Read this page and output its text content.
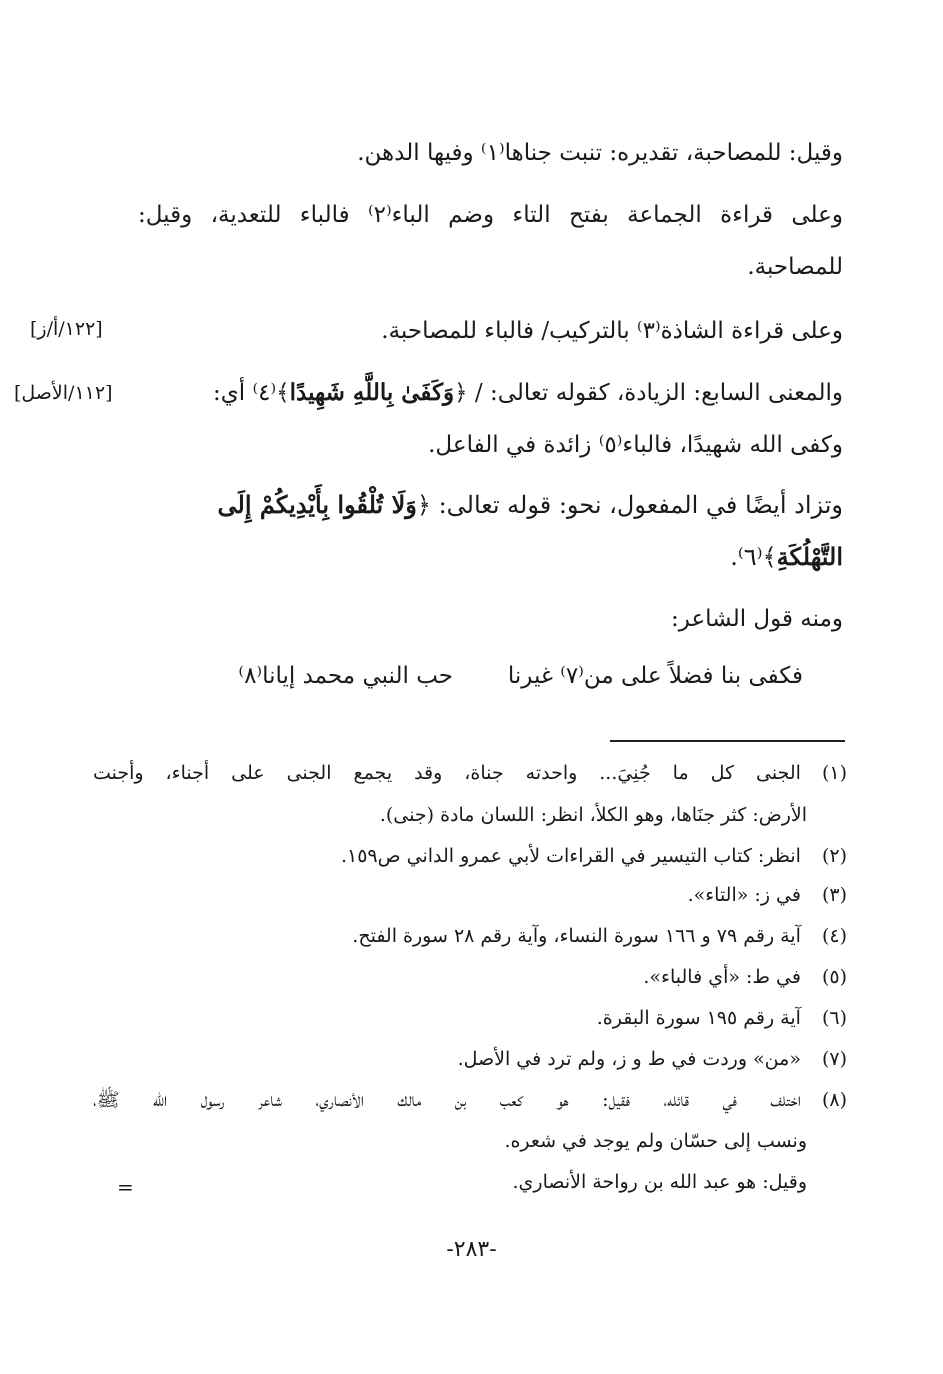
وقيل: للمصاحبة، تقديره: تنبت جناها⁽١⁾ وفيها الدهن.
وعلى قراءة الجماعة بفتح التاء وضم الباء⁽٢⁾ فالباء للتعدية، وقيل:
للمصاحبة.
وعلى قراءة الشاذة⁽٣⁾ بالتركيب/ فالباء للمصاحبة.
[١٢٢/أ/ز]
والمعنى السابع: الزيادة، كقوله تعالى: / ﴿وَكَفَىٰ بِاللَّهِ شَهِيدًا﴾⁽٤⁾ أي:
[١١٢/الأصل]
وكفى الله شهيدًا، فالباء⁽٥⁾ زائدة في الفاعل.
وتزاد أيضًا في المفعول، نحو: قوله تعالى: ﴿وَلَا تُلْقُوا بِأَيْدِيكُمْ إِلَى
التَّهْلُكَةِ﴾⁽٦⁾.
ومنه قول الشاعر:
فكفى بنا فضلاً على من⁽٧⁾ غيرنا
حب النبي محمد إيانا⁽٨⁾
(١) الجنى كل ما جُنِيَ... واحدته جناة، وقد يجمع الجنى على أجناء، وأجنت
الأرض: كثر جنَاها، وهو الكلأ، انظر: اللسان مادة (جنى).
(٢) انظر: كتاب التيسير في القراءات لأبي عمرو الداني ص١٥٩.
(٣) في ز: «التاء».
(٤) آية رقم ٧٩ و ١٦٦ سورة النساء، وآية رقم ٢٨ سورة الفتح.
(٥) في ط: «أي فالباء».
(٦) آية رقم ١٩٥ سورة البقرة.
(٧) «من» وردت في ط و ز، ولم ترد في الأصل.
(٨) اختلف في قائله، فقيل: هو كعب بن مالك الأنصاري، شاعر رسول الله ﷺ،
ونسب إلى حسّان ولم يوجد في شعره.
وقيل: هو عبد الله بن رواحة الأنصاري.
=
-٢٨٣-
